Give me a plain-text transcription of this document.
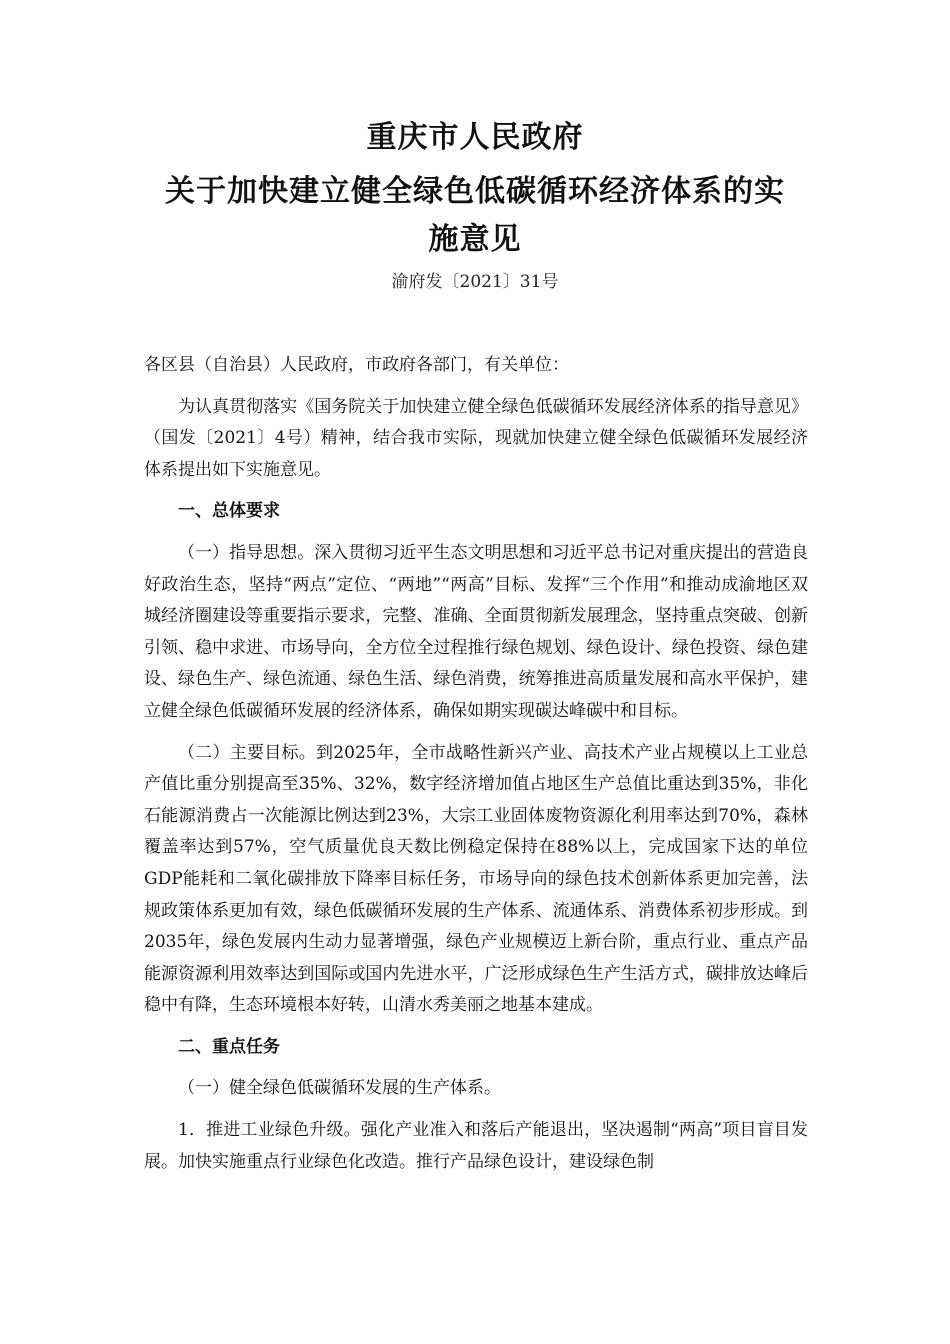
重庆市人民政府
关于加快建立健全绿色低碳循环经济体系的实
施意见
渝府发〔2021〕31号

各区县（自治县）人民政府，市政府各部门，有关单位：

为认真贯彻落实《国务院关于加快建立健全绿色低碳循环发展经济体系的指导意见》（国发〔2021〕4号）精神，结合我市实际，现就加快建立健全绿色低碳循环发展经济体系提出如下实施意见。

一、总体要求

（一）指导思想。深入贯彻习近平生态文明思想和习近平总书记对重庆提出的营造良好政治生态，坚持“两点”定位、“两地”“两高”目标、发挥“三个作用”和推动成渝地区双城经济圈建设等重要指示要求，完整、准确、全面贯彻新发展理念，坚持重点突破、创新引领、稳中求进、市场导向，全方位全过程推行绿色规划、绿色设计、绿色投资、绿色建设、绿色生产、绿色流通、绿色生活、绿色消费，统筹推进高质量发展和高水平保护，建立健全绿色低碳循环发展的经济体系，确保如期实现碳达峰碳中和目标。

（二）主要目标。到2025年，全市战略性新兴产业、高技术产业占规模以上工业总产值比重分别提高至35%、32%，数字经济增加值占地区生产总值比重达到35%，非化石能源消费占一次能源比例达到23%，大宗工业固体废物资源化利用率达到70%，森林覆盖率达到57%，空气质量优良天数比例稳定保持在88%以上，完成国家下达的单位GDP能耗和二氧化碳排放下降率目标任务，市场导向的绿色技术创新体系更加完善，法规政策体系更加有效，绿色低碳循环发展的生产体系、流通体系、消费体系初步形成。到2035年，绿色发展内生动力显著增强，绿色产业规模迈上新台阶，重点行业、重点产品能源资源利用效率达到国际或国内先进水平，广泛形成绿色生产生活方式，碳排放达峰后稳中有降，生态环境根本好转，山清水秀美丽之地基本建成。

二、重点任务

（一）健全绿色低碳循环发展的生产体系。

1．推进工业绿色升级。强化产业准入和落后产能退出，坚决遏制“两高”项目盲目发展。加快实施重点行业绿色化改造。推行产品绿色设计，建设绿色制
